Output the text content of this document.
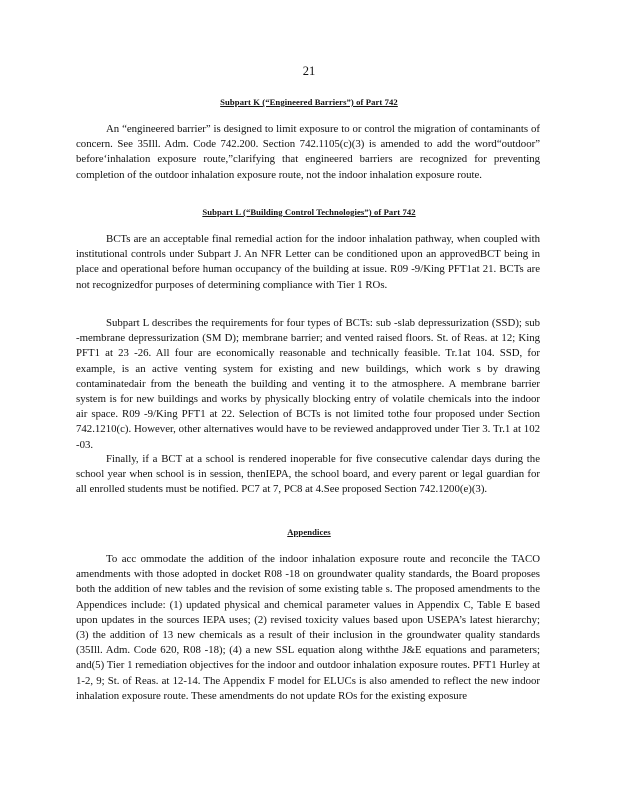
21
Subpart K (“Engineered Barriers”) of Part 742

An “engineered barrier” is designed to limit exposure to or control the migration of contaminants of concern. See 35Ill. Adm. Code 742.200. Section 742.1105(c)(3) is amended to add the word“outdoor” before‘inhalation exposure route,”clarifying that engineered barriers are recognized for preventing completion of the outdoor inhalation exposure route, not the indoor inhalation exposure route.

Subpart L (“Building Control Technologies”) of Part 742

BCTs are an acceptable final remedial action for the indoor inhalation pathway, when coupled with institutional controls under Subpart J. An NFR Letter can be conditioned upon an approvedBCT being in place and operational before human occupancy of the building at issue. R09 -9/King PFT1at 21. BCTs are not recognizedfor purposes of determining compliance with Tier 1 ROs.

Subpart L describes the requirements for four types of BCTs: sub -slab depressurization (SSD); sub -membrane depressurization (SM D); membrane barrier; and vented raised floors. St. of Reas. at 12; King PFT1 at 23 -26. All four are economically reasonable and technically feasible. Tr.1at 104. SSD, for example, is an active venting system for existing and new buildings, which work s by drawing contaminatedair from the beneath the building and venting it to the atmosphere. A membrane barrier system is for new buildings and works by physically blocking entry of volatile chemicals into the indoor air space. R09 -9/King PFT1 at 22. Selection of BCTs is not limited tothe four proposed under Section 742.1210(c). However, other alternatives would have to be reviewed andapproved under Tier 3. Tr.1 at 102 -03.

Finally, if a BCT at a school is rendered inoperable for five consecutive calendar days during the school year when school is in session, thenIEPA, the school board, and every parent or legal guardian for all enrolled students must be notified. PC7 at 7, PC8 at 4.See proposed Section 742.1200(e)(3).

Appendices

To acc ommodate the addition of the indoor inhalation exposure route and reconcile the TACO amendments with those adopted in docket R08 -18 on groundwater quality standards, the Board proposes both the addition of new tables and the revision of some existing table s. The proposed amendments to the Appendices include: (1) updated physical and chemical parameter values in Appendix C, Table E based upon updates in the sources IEPA uses; (2) revised toxicity values based upon USEPA’s latest hierarchy; (3) the addition of 13 new chemicals as a result of their inclusion in the groundwater quality standards (35Ill. Adm. Code 620, R08 -18); (4) a new SSL equation along withthe J&E equations and parameters; and(5) Tier 1 remediation objectives for the indoor and outdoor inhalation exposure routes. PFT1 Hurley at 1-2, 9; St. of Reas. at 12-14. The Appendix F model for ELUCs is also amended to reflect the new indoor inhalation exposure route. These amendments do not update ROs for the existing exposure
